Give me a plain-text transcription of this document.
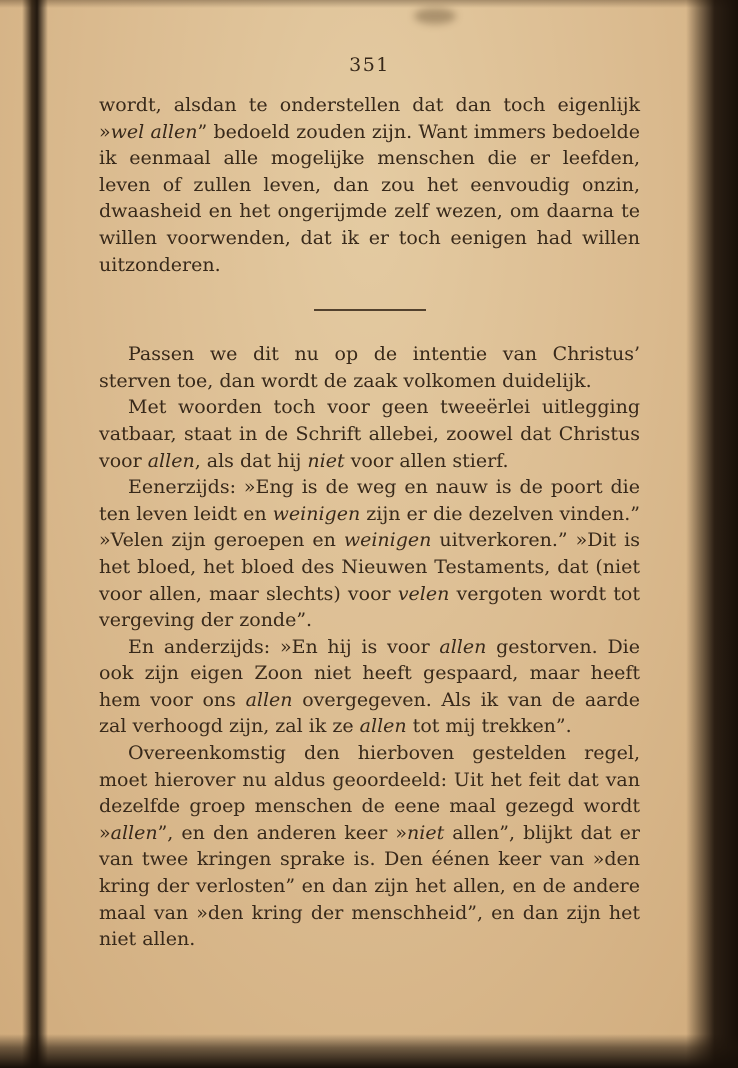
351

wordt, alsdan te onderstellen dat dan toch eigenlijk »wel allen” bedoeld zouden zijn. Want immers bedoelde ik eenmaal alle mogelijke menschen die er leefden, leven of zullen leven, dan zou het eenvoudig onzin, dwaasheid en het ongerijmde zelf wezen, om daarna te willen voorwenden, dat ik er toch eenigen had willen uitzonderen.

Passen we dit nu op de intentie van Christus’ sterven toe, dan wordt de zaak volkomen duidelijk.

Met woorden toch voor geen tweeërlei uitlegging vatbaar, staat in de Schrift allebei, zoowel dat Christus voor allen, als dat hij niet voor allen stierf.

Eenerzijds: »Eng is de weg en nauw is de poort die ten leven leidt en weinigen zijn er die dezelven vinden.” »Velen zijn geroepen en weinigen uitverkoren.” »Dit is het bloed, het bloed des Nieuwen Testaments, dat (niet voor allen, maar slechts) voor velen vergoten wordt tot vergeving der zonde”.

En anderzijds: »En hij is voor allen gestorven. Die ook zijn eigen Zoon niet heeft gespaard, maar heeft hem voor ons allen overgegeven. Als ik van de aarde zal verhoogd zijn, zal ik ze allen tot mij trekken”.

Overeenkomstig den hierboven gestelden regel, moet hierover nu aldus geoordeeld: Uit het feit dat van dezelfde groep menschen de eene maal gezegd wordt »allen”, en den anderen keer »niet allen”, blijkt dat er van twee kringen sprake is. Den éénen keer van »den kring der verlosten” en dan zijn het allen, en de andere maal van »den kring der menschheid”, en dan zijn het niet allen.
